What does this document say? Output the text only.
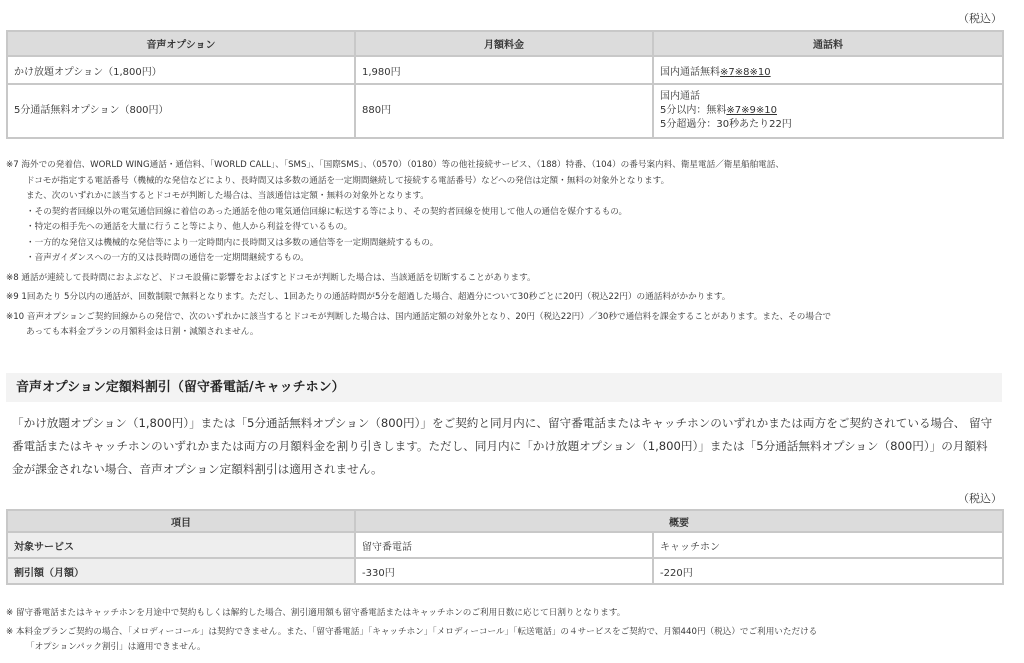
（税込）
音声オプション	月額料金	通話料
かけ放題オプション（1,800円）	1,980円	国内通話無料※7※8※10
5分通話無料オプション（800円）	880円	国内通話
5分以内：無料※7※9※10
5分超過分：30秒あたり22円

※7 海外での発着信、WORLD WING通話・通信料、「WORLD CALL」、「SMS」、「国際SMS」、（0570）（0180）等の他社接続サービス、（188）特番、（104）の番号案内料、衛星電話／衛星船舶電話、

ドコモが指定する電話番号（機械的な発信などにより、長時間又は多数の通話を一定期間継続して接続する電話番号）などへの発信は定額・無料の対象外となります。

また、次のいずれかに該当するとドコモが判断した場合は、当該通信は定額・無料の対象外となります。

・その契約者回線以外の電気通信回線に着信のあった通話を他の電気通信回線に転送する等により、その契約者回線を使用して他人の通信を媒介するもの。

・特定の相手先への通話を大量に行うこと等により、他人から利益を得ているもの。

・一方的な発信又は機械的な発信等により一定時間内に長時間又は多数の通信等を一定期間継続するもの。

・音声ガイダンスへの一方的又は長時間の通信を一定期間継続するもの。

※8 通話が連続して長時間におよぶなど、ドコモ設備に影響をおよぼすとドコモが判断した場合は、当該通話を切断することがあります。

※9 1回あたり 5分以内の通話が、回数制限で無料となります。ただし、1回あたりの通話時間が5分を超過した場合、超過分について30秒ごとに20円（税込22円）の通話料がかかります。

※10 音声オプションご契約回線からの発信で、次のいずれかに該当するとドコモが判断した場合は、国内通話定額の対象外となり、20円（税込22円）／30秒で通信料を課金することがあります。また、その場合で

あっても本料金プランの月額料金は日割・減額されません。

音声オプション定額料割引（留守番電話/キャッチホン）

「かけ放題オプション（1,800円）」または「5分通話無料オプション（800円）」をご契約と同月内に、留守番電話またはキャッチホンのいずれかまたは両方をご契約されている場合、 留守番電話またはキャッチホンのいずれかまたは両方の月額料金を割り引きします。ただし、同月内に「かけ放題オプション（1,800円）」または「5分通話無料オプション（800円）」の月額料金が課金されない場合、音声オプション定額料割引は適用されません。

（税込）
項目	概要	
対象サービス	留守番電話	キャッチホン
割引額（月額）	-330円	-220円

※ 留守番電話またはキャッチホンを月途中で契約もしくは解約した場合、割引適用額も留守番電話またはキャッチホンのご利用日数に応じて日割りとなります。

※ 本料金プランご契約の場合、「メロディーコール」は契約できません。また、「留守番電話」「キャッチホン」「メロディーコール」「転送電話」の４サービスをご契約で、月額440円（税込）でご利用いただける

「オプションパック割引」は適用できません。
